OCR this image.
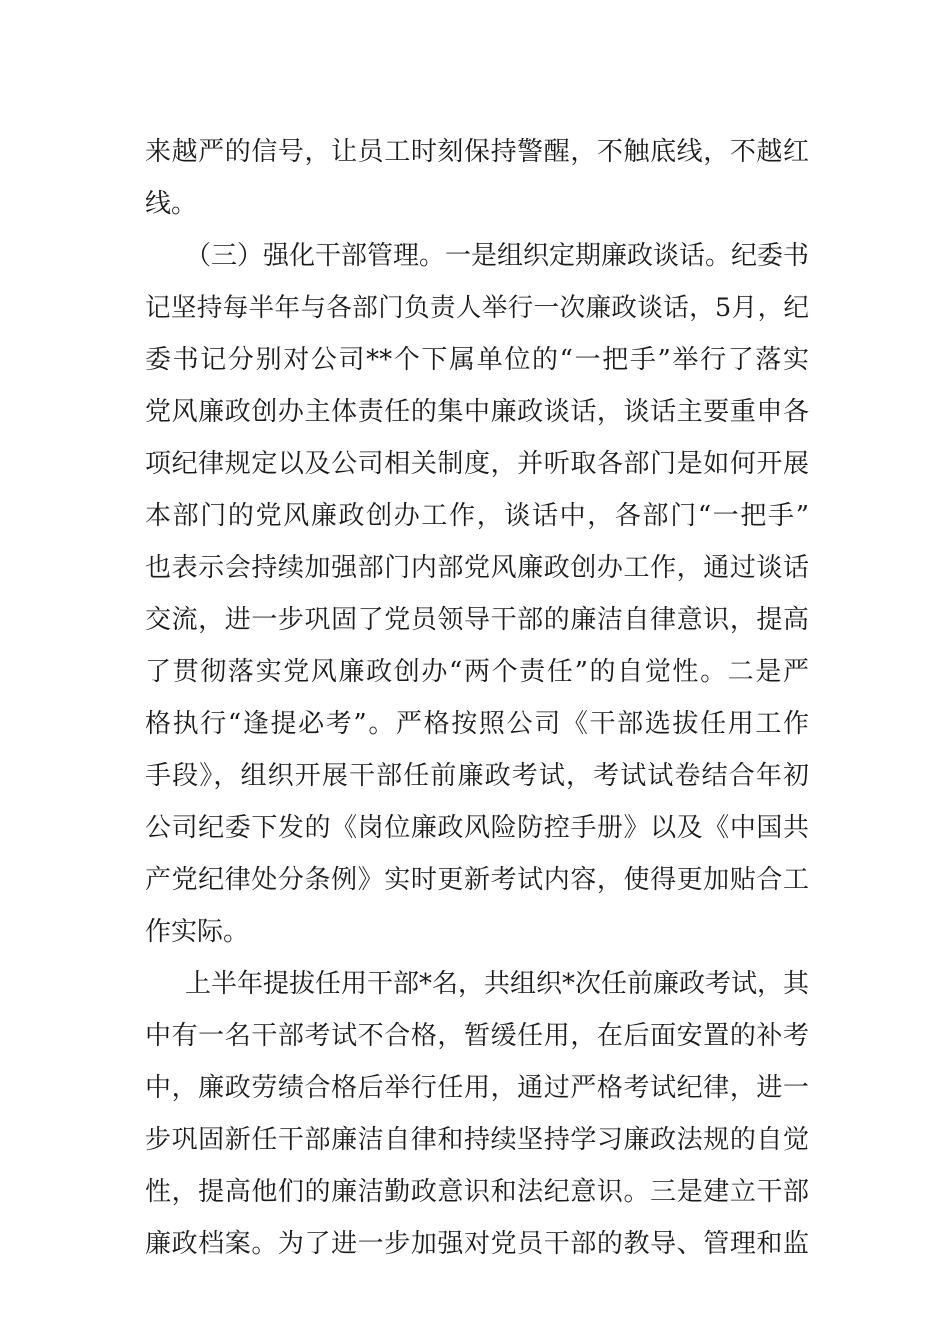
来越严的信号，让员工时刻保持警醒，不触底线，不越红
线。
（三）强化干部管理。一是组织定期廉政谈话。纪委书
记坚持每半年与各部门负责人举行一次廉政谈话，5月，纪
委书记分别对公司**个下属单位的“一把手”举行了落实
党风廉政创办主体责任的集中廉政谈话，谈话主要重申各
项纪律规定以及公司相关制度，并听取各部门是如何开展
本部门的党风廉政创办工作，谈话中，各部门“一把手”
也表示会持续加强部门内部党风廉政创办工作，通过谈话
交流，进一步巩固了党员领导干部的廉洁自律意识，提高
了贯彻落实党风廉政创办“两个责任”的自觉性。二是严
格执行“逢提必考”。严格按照公司《干部选拔任用工作
手段》，组织开展干部任前廉政考试，考试试卷结合年初
公司纪委下发的《岗位廉政风险防控手册》以及《中国共
产党纪律处分条例》实时更新考试内容，使得更加贴合工
作实际。
上半年提拔任用干部*名，共组织*次任前廉政考试，其
中有一名干部考试不合格，暂缓任用，在后面安置的补考
中，廉政劳绩合格后举行任用，通过严格考试纪律，进一
步巩固新任干部廉洁自律和持续坚持学习廉政法规的自觉
性，提高他们的廉洁勤政意识和法纪意识。三是建立干部
廉政档案。为了进一步加强对党员干部的教导、管理和监
